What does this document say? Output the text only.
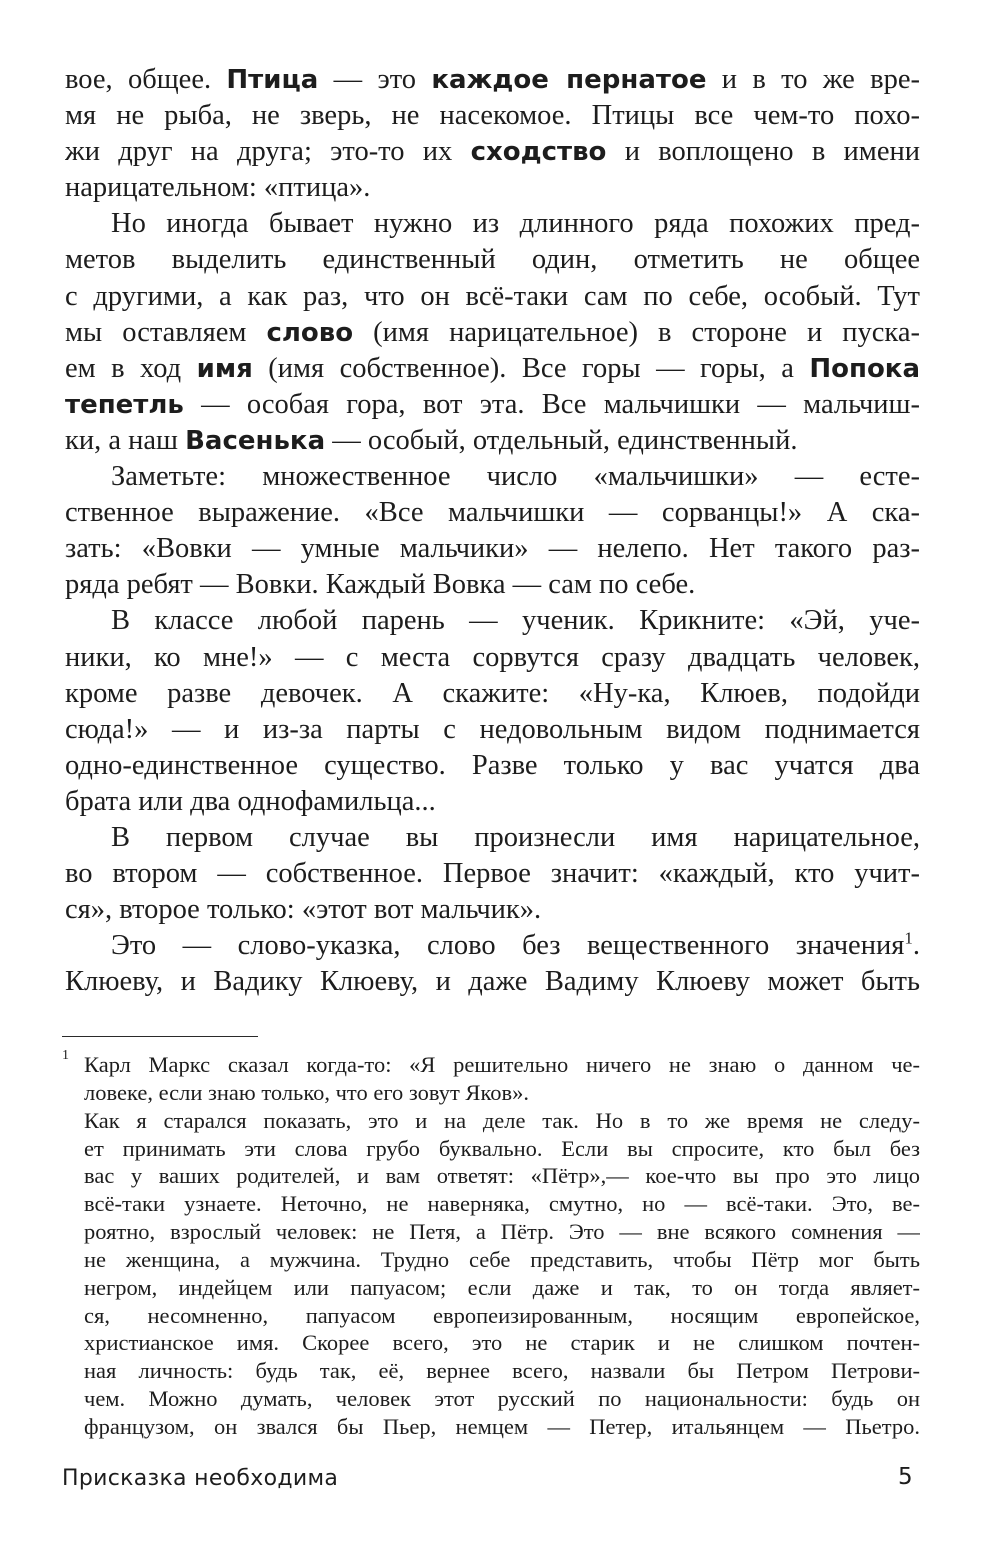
вое, общее. Птица — это каждое пернатое и в то же вре-

мя не рыба, не зверь, не насекомое. Птицы все чем-то похо-

жи друг на друга; это-то их сходство и воплощено в имени

нарицательном: «птица».

Но иногда бывает нужно из длинного ряда похожих пред-

метов выделить единственный один, отметить не общее

с другими, а как раз, что он всё-таки сам по себе, особый. Тут

мы оставляем слово (имя нарицательное) в стороне и пуска-

ем в ход имя (имя собственное). Все горы — горы, а Попока

тепетль — особая гора, вот эта. Все мальчишки — мальчиш-

ки, а наш Васенька — особый, отдельный, единственный.

Заметьте: множественное число «мальчишки» — есте-

ственное выражение. «Все мальчишки — сорванцы!» А ска-

зать: «Вовки — умные мальчики» — нелепо. Нет такого раз-

ряда ребят — Вовки. Каждый Вовка — сам по себе.

В классе любой парень — ученик. Крикните: «Эй, уче-

ники, ко мне!» — с места сорвутся сразу двадцать человек,

кроме разве девочек. А скажите: «Ну-ка, Клюев, подойди

сюда!» — и из-за парты с недовольным видом поднимается

одно-единственное существо. Разве только у вас учатся два

брата или два однофамильца...

В первом случае вы произнесли имя нарицательное,

во втором — собственное. Первое значит: «каждый, кто учит-

ся», второе только: «этот вот мальчик».

Это — слово-указка, слово без вещественного значения$^1$.

Клюеву, и Вадику Клюеву, и даже Вадиму Клюеву может быть

1 Карл Маркс сказал когда-то: «Я решительно ничего не знаю о данном че-

ловеке, если знаю только, что его зовут Яков».

Как я старался показать, это и на деле так. Но в то же время не следу-

ет принимать эти слова грубо буквально. Если вы спросите, кто был без

вас у ваших родителей, и вам ответят: «Пётр»,— кое-что вы про это лицо

всё-таки узнаете. Неточно, не наверняка, смутно, но — всё-таки. Это, ве-

роятно, взрослый человек: не Петя, а Пётр. Это — вне всякого сомнения —

не женщина, а мужчина. Трудно себе представить, чтобы Пётр мог быть

негром, индейцем или папуасом; если даже и так, то он тогда являет-

ся, несомненно, папуасом европеизированным, носящим европейское,

христианское имя. Скорее всего, это не старик и не слишком почтен-

ная личность: будь так, её, вернее всего, назвали бы Петром Петрови-

чем. Можно думать, человек этот русский по национальности: будь он

французом, он звался бы Пьер, немцем — Петер, итальянцем — Пьетро.

Присказка необходима	5
